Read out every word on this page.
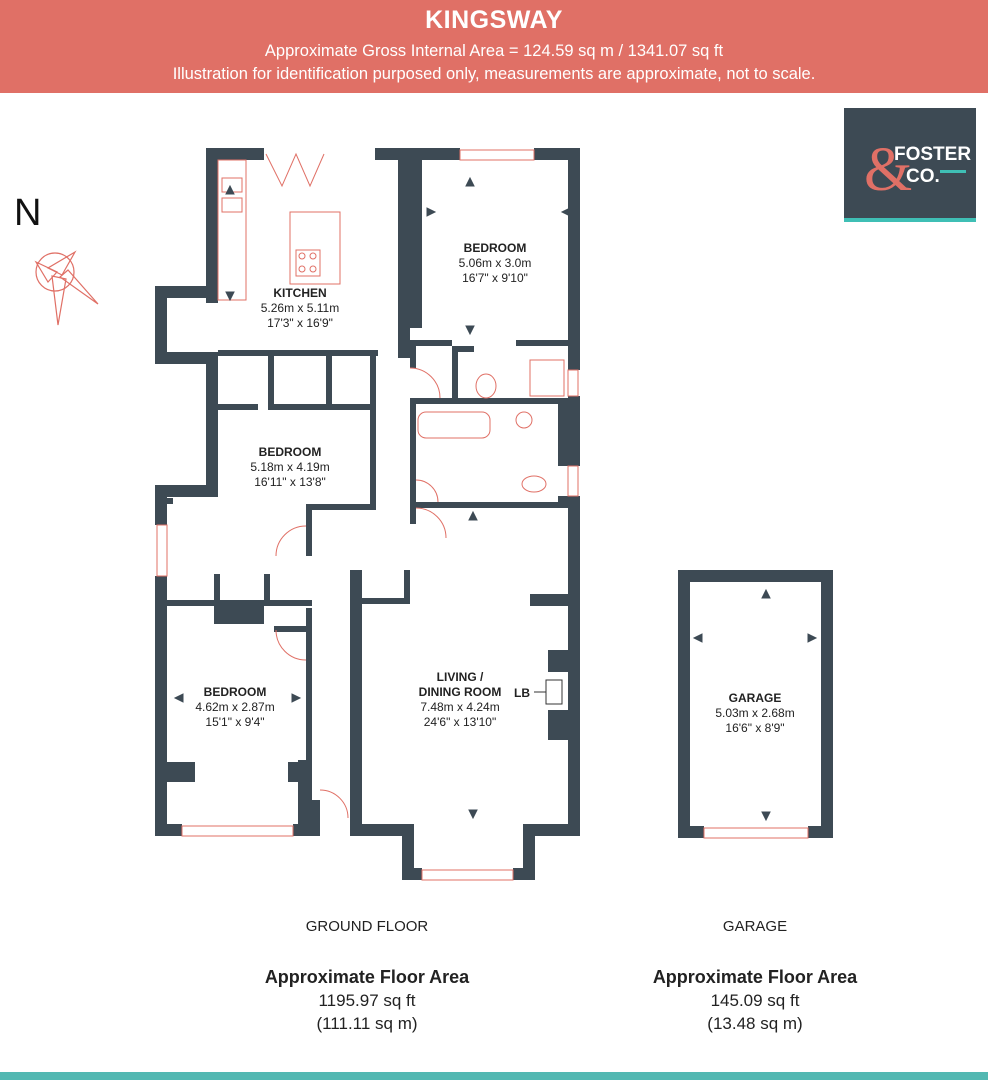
KINGSWAY
Approximate Gross Internal Area = 124.59 sq m / 1341.07 sq ft
Illustration for identification purposed only, measurements are approximate, not to scale.
&
FOSTER
CO.
N
KITCHEN
5.26m x 5.11m
17'3" x 16'9"
BEDROOM
5.06m x 3.0m
16'7" x 9'10"
BEDROOM
5.18m x 4.19m
16'11" x 13'8"
BEDROOM
4.62m x 2.87m
15'1" x 9'4"
LIVING /
DINING ROOM
7.48m x 4.24m
24'6" x 13'10"
LB	GARAGE
5.03m x 2.68m
16'6" x 8'9"
GROUND FLOOR	GARAGE
Approximate Floor Area
1195.97 sq ft
(111.11 sq m)
Approximate Floor Area
145.09 sq ft
(13.48 sq m)
